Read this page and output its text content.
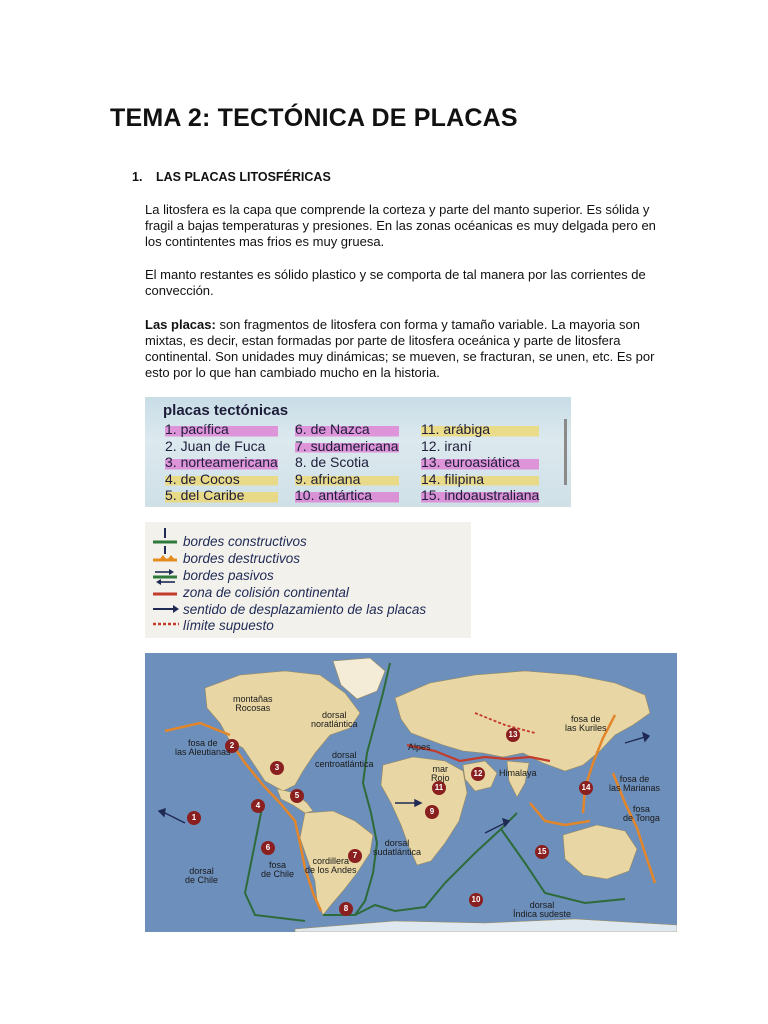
TEMA 2: TECTÓNICA DE PLACAS
1. LAS PLACAS LITOSFÉRICAS

La litosfera es la capa que comprende la corteza y parte del manto superior. Es sólida y fragil a bajas temperaturas y presiones. En las zonas océanicas es muy delgada pero en los contintentes mas frios es muy gruesa.

El manto restantes es sólido plastico y se comporta de tal manera por las corrientes de convección.

Las placas: son fragmentos de litosfera con forma y tamaño variable. La mayoria son mixtas, es decir, estan formadas por parte de litosfera oceánica y parte de litosfera continental. Son unidades muy dinámicas; se mueven, se fracturan, se unen, etc. Es por esto por lo que han cambiado mucho en la historia.

placas tectónicas
1. pacífica
2. Juan de Fuca
3. norteamericana
4. de Cocos
5. del Caribe
6. de Nazca
7. sudamericana
8. de Scotia
9. africana
10. antártica
11. arábiga
12. iraní
13. euroasiática
14. filipina
15. indoaustraliana
bordes constructivos
bordes destructivos
bordes pasivos
zona de colisión continental
sentido de desplazamiento de las placas
límite supuesto
1
2
3
4
5
6
7
8
9
10
11
12
13
14
15
montañas
Rocosas
fosa de
las Aleutianas
dorsal
noratlántica
dorsal
centroatlántica
Alpes
mar
Rojo	Himalaya
fosa de
las Kuriles
fosa de
las Marianas
fosa
de Tonga
cordillera
de los Andes
dorsal
sudatlántica
fosa
de Chile
dorsal
de Chile
dorsal
Índica sudeste
